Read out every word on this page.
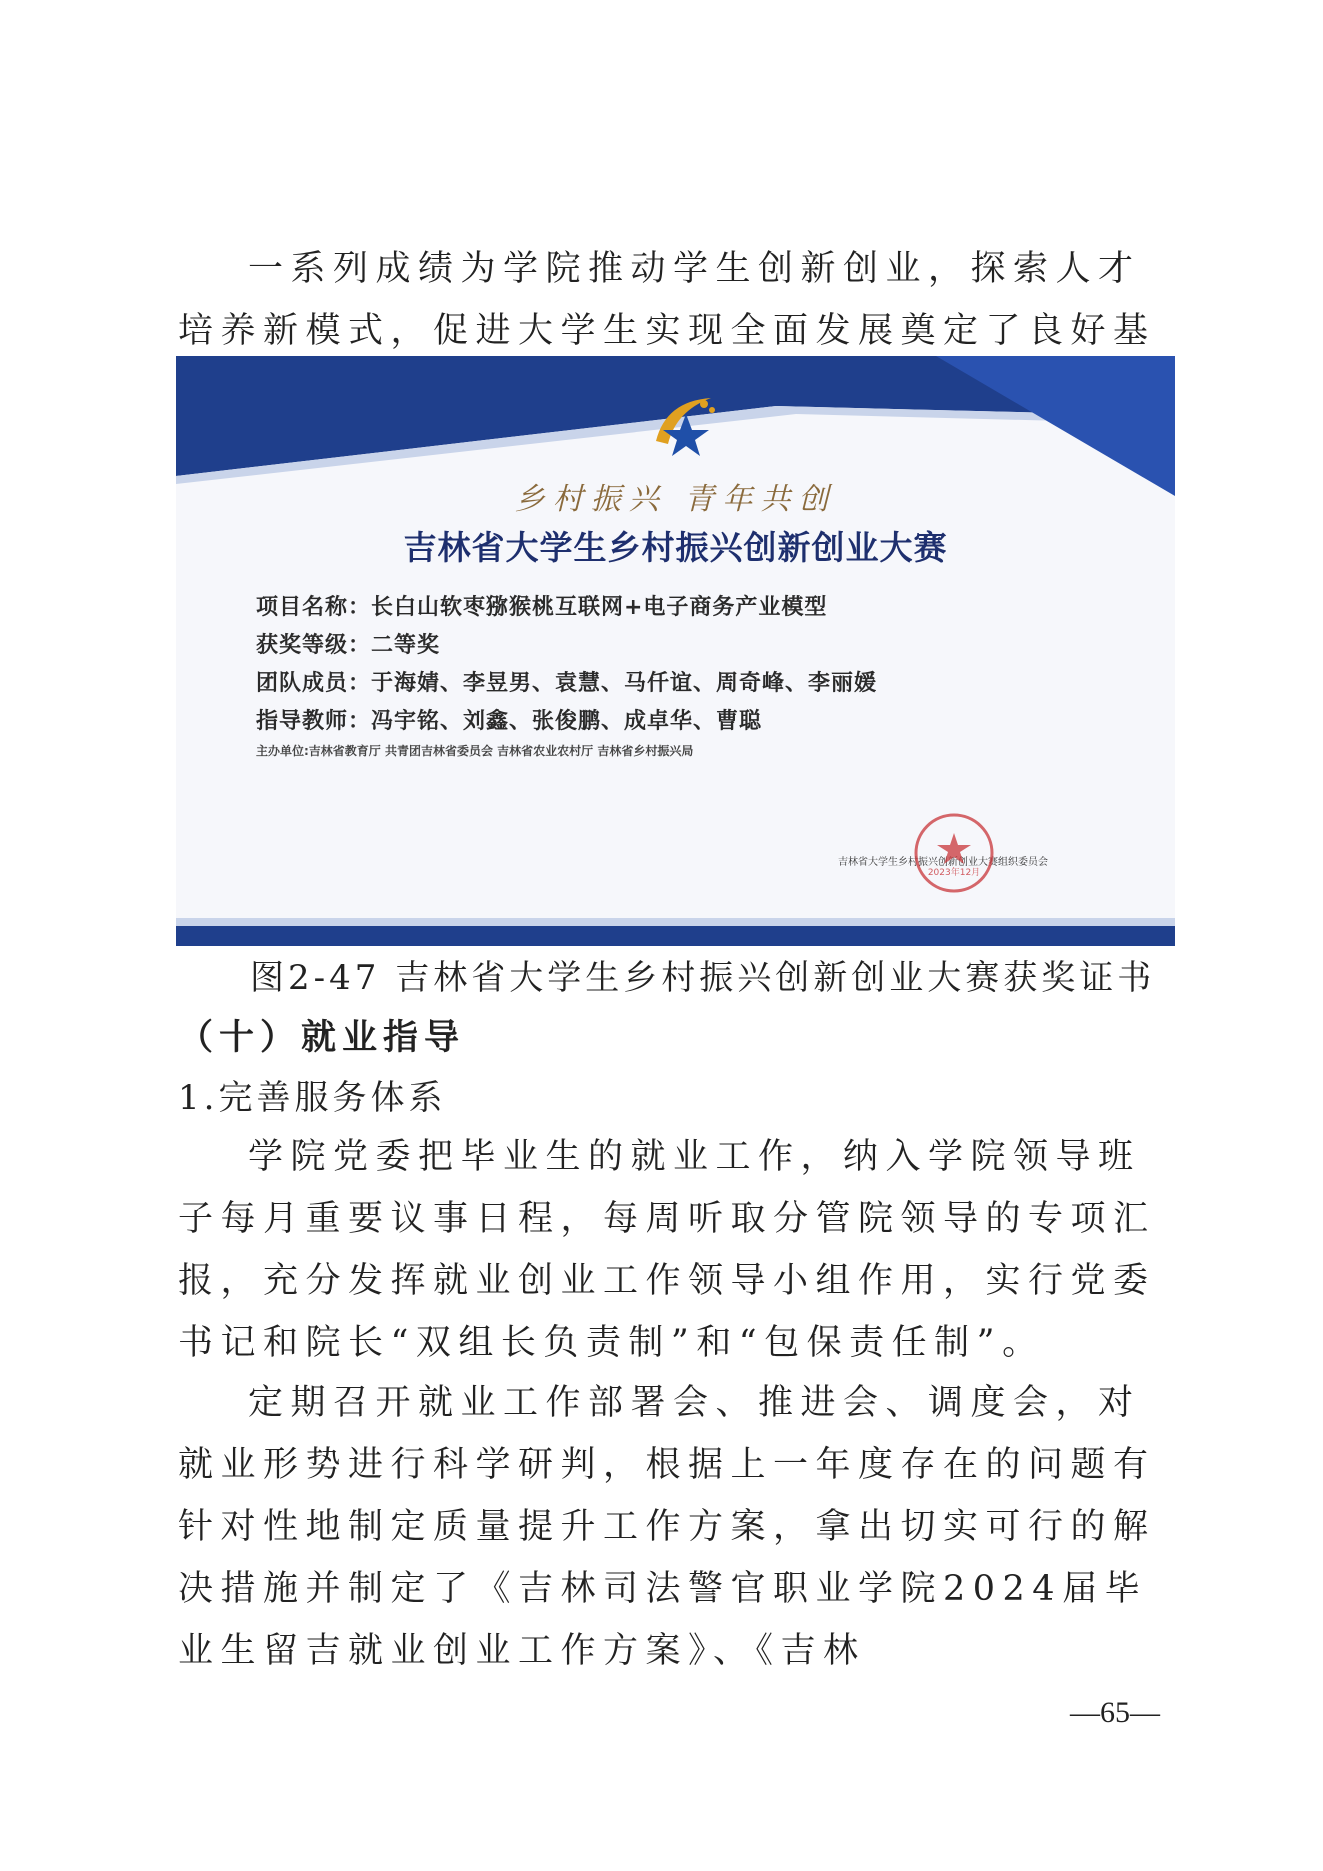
一系列成绩为学院推动学生创新创业，探索人才培养新模式，促进大学生实现全面发展奠定了良好基

乡村振兴 青年共创
吉林省大学生乡村振兴创新创业大赛
项目名称：长白山软枣猕猴桃互联网+电子商务产业模型
获奖等级：二等奖
团队成员：于海婧、李昱男、袁慧、马仟谊、周奇峰、李丽媛
指导教师：冯宇铭、刘鑫、张俊鹏、成卓华、曹聪
主办单位:吉林省教育厅 共青团吉林省委员会 吉林省农业农村厅 吉林省乡村振兴局
吉林省大学生乡村振兴创新创业大赛组织委员会
2023年12月
图2-47 吉林省大学生乡村振兴创新创业大赛获奖证书
（十）就业指导
1.完善服务体系

学院党委把毕业生的就业工作，纳入学院领导班子每月重要议事日程，每周听取分管院领导的专项汇报，充分发挥就业创业工作领导小组作用，实行党委书记和院长“双组长负责制”和“包保责任制”。

定期召开就业工作部署会、推进会、调度会，对就业形势进行科学研判，根据上一年度存在的问题有针对性地制定质量提升工作方案，拿出切实可行的解决措施并制定了《吉林司法警官职业学院2024届毕业生留吉就业创业工作方案》、《吉林

—65—
